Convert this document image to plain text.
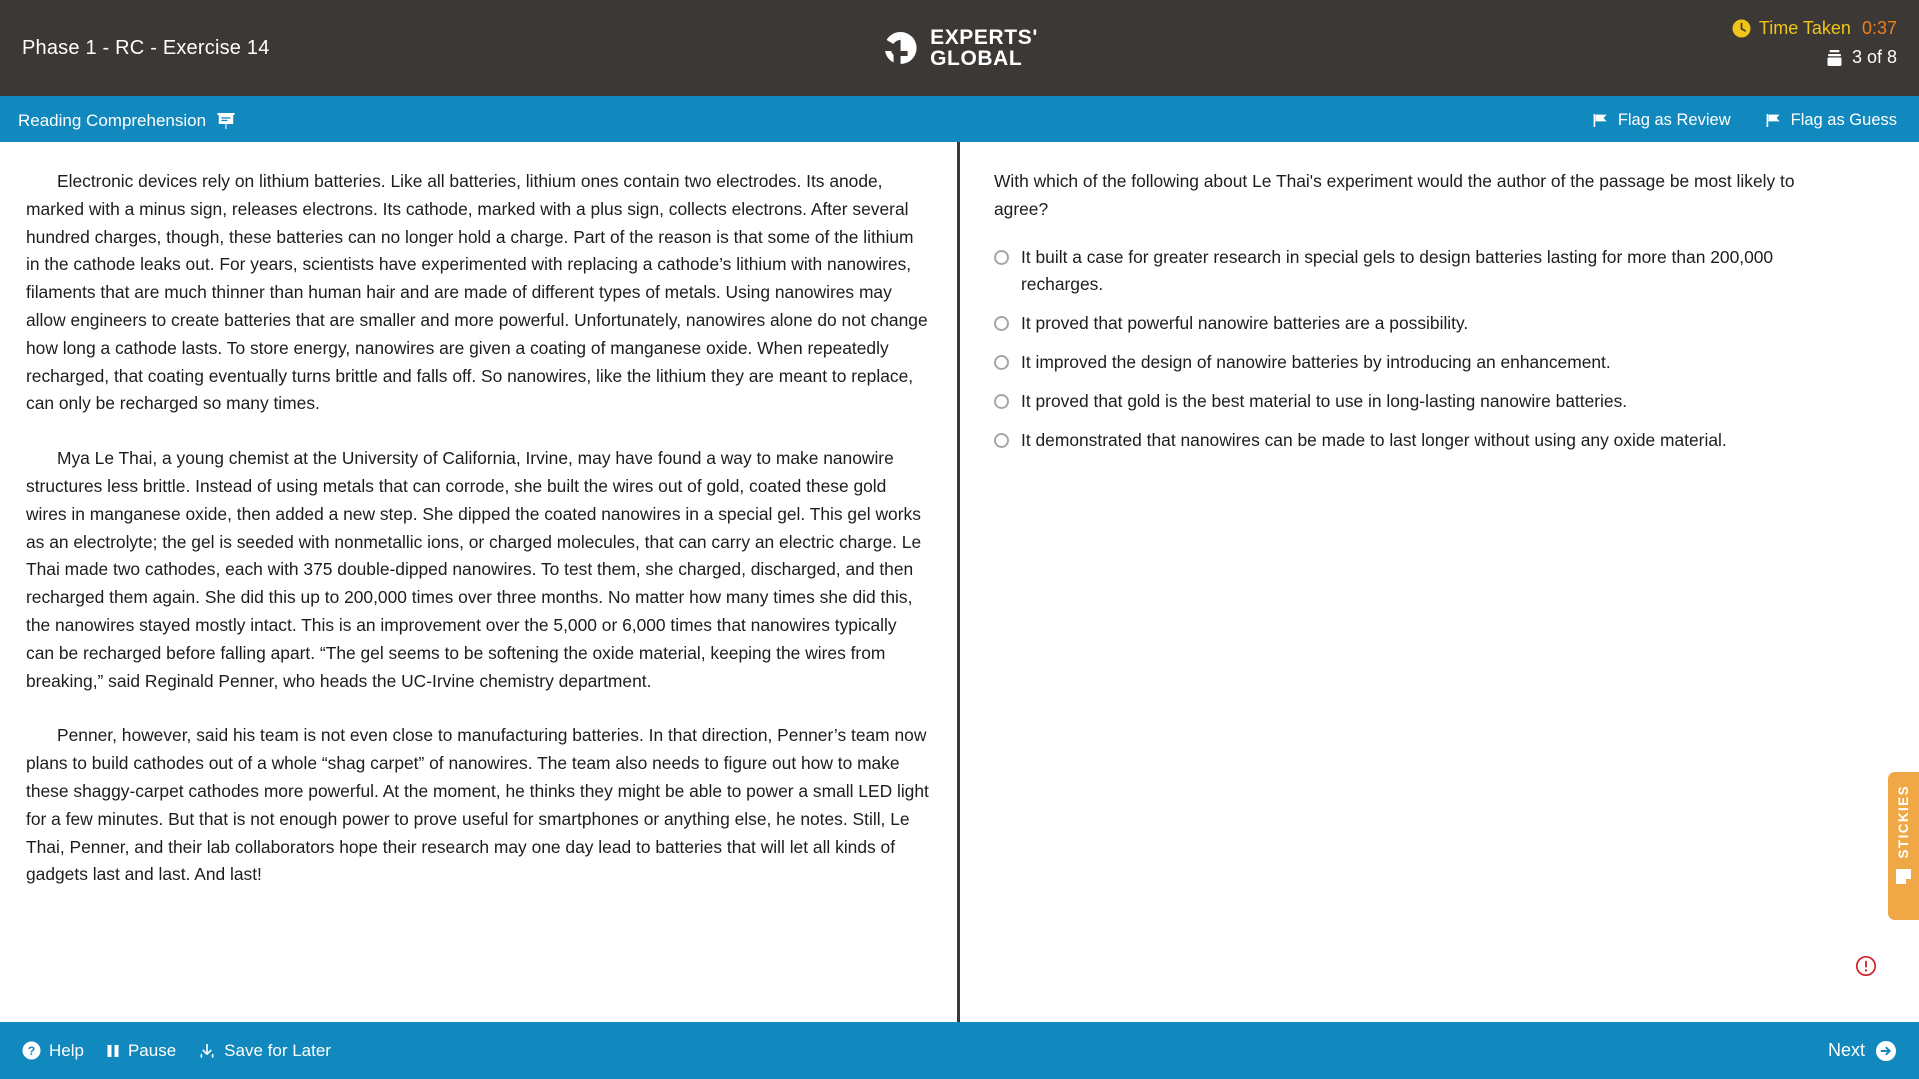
Phase 1 - RC - Exercise 14	EXPERTS'
GLOBAL
Time Taken 0:37
3 of 8
Reading Comprehension	Flag as Review	Flag as Guess

Electronic devices rely on lithium batteries. Like all batteries, lithium ones contain two electrodes. Its anode, marked with a minus sign, releases electrons. Its cathode, marked with a plus sign, collects electrons. After several hundred charges, though, these batteries can no longer hold a charge. Part of the reason is that some of the lithium in the cathode leaks out. For years, scientists have experimented with replacing a cathode’s lithium with nanowires, filaments that are much thinner than human hair and are made of different types of metals. Using nanowires may allow engineers to create batteries that are smaller and more powerful. Unfortunately, nanowires alone do not change how long a cathode lasts. To store energy, nanowires are given a coating of manganese oxide. When repeatedly recharged, that coating eventually turns brittle and falls off. So nanowires, like the lithium they are meant to replace, can only be recharged so many times.

Mya Le Thai, a young chemist at the University of California, Irvine, may have found a way to make nanowire structures less brittle. Instead of using metals that can corrode, she built the wires out of gold, coated these gold wires in manganese oxide, then added a new step. She dipped the coated nanowires in a special gel. This gel works as an electrolyte; the gel is seeded with nonmetallic ions, or charged molecules, that can carry an electric charge. Le Thai made two cathodes, each with 375 double-dipped nanowires. To test them, she charged, discharged, and then recharged them again. She did this up to 200,000 times over three months. No matter how many times she did this, the nanowires stayed mostly intact. This is an improvement over the 5,000 or 6,000 times that nanowires typically can be recharged before falling apart. “The gel seems to be softening the oxide material, keeping the wires from breaking,” said Reginald Penner, who heads the UC-Irvine chemistry department.

Penner, however, said his team is not even close to manufacturing batteries. In that direction, Penner’s team now plans to build cathodes out of a whole “shag carpet” of nanowires. The team also needs to figure out how to make these shaggy-carpet cathodes more powerful. At the moment, he thinks they might be able to power a small LED light for a few minutes. But that is not enough power to prove useful for smartphones or anything else, he notes. Still, Le Thai, Penner, and their lab collaborators hope their research may one day lead to batteries that will let all kinds of gadgets last and last. And last!

With which of the following about Le Thai's experiment would the author of the passage be most likely to agree?
It built a case for greater research in special gels to design batteries lasting for more than 200,000 recharges.
It proved that powerful nanowire batteries are a possibility.
It improved the design of nanowire batteries by introducing an enhancement.
It proved that gold is the best material to use in long-lasting nanowire batteries.
It demonstrated that nanowires can be made to last longer without using any oxide material.
STICKIES
? Help	Pause	Save for Later	Next
